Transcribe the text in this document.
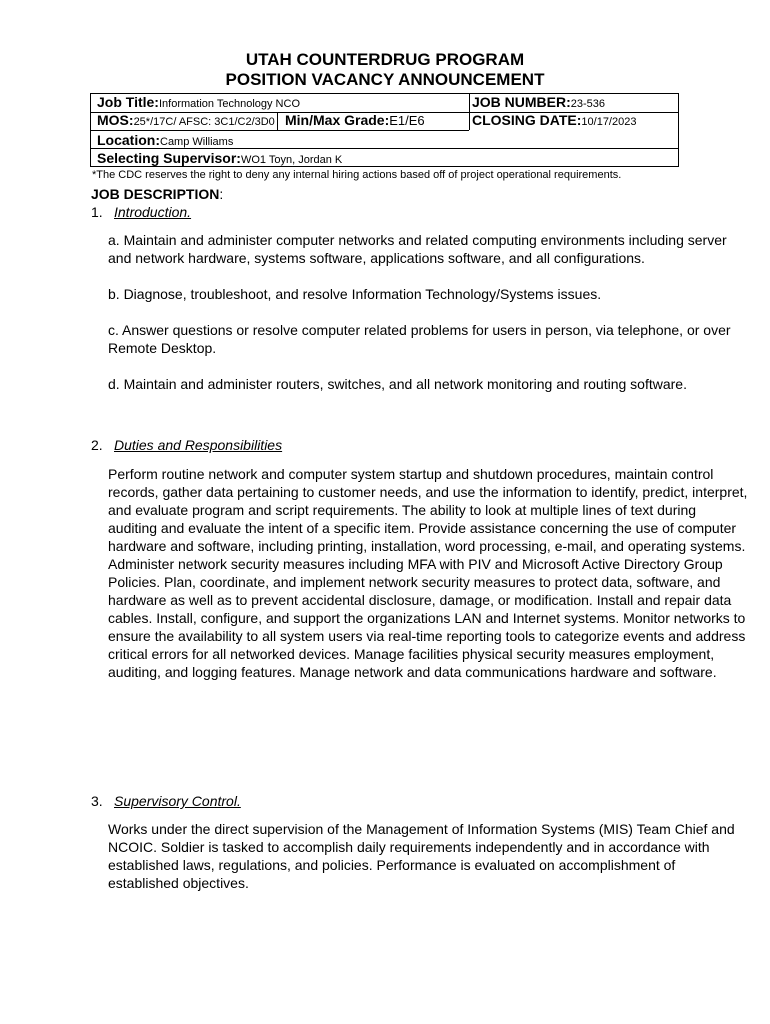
UTAH COUNTERDRUG PROGRAM
POSITION VACANCY ANNOUNCEMENT
Job Title:Information Technology NCO	JOB NUMBER:23-536
MOS:25*/17C/ AFSC: 3C1/C2/3D0 Min/Max Grade:E1/E6	CLOSING DATE:10/17/2023
Location:Camp Williams
Selecting Supervisor:WO1 Toyn, Jordan K
*The CDC reserves the right to deny any internal hiring actions based off of project operational requirements.
JOB DESCRIPTION:
1. Introduction.
a. Maintain and administer computer networks and related computing environments including server and network hardware, systems software, applications software, and all configurations.
b. Diagnose, troubleshoot, and resolve Information Technology/Systems issues.
c. Answer questions or resolve computer related problems for users in person, via telephone, or over Remote Desktop.
d. Maintain and administer routers, switches, and all network monitoring and routing software.
2. Duties and Responsibilities
Perform routine network and computer system startup and shutdown procedures, maintain control records, gather data pertaining to customer needs, and use the information to identify, predict, interpret, and evaluate program and script requirements. The ability to look at multiple lines of text during auditing and evaluate the intent of a specific item. Provide assistance concerning the use of computer hardware and software, including printing, installation, word processing, e-mail, and operating systems. Administer network security measures including MFA with PIV and Microsoft Active Directory Group Policies. Plan, coordinate, and implement network security measures to protect data, software, and hardware as well as to prevent accidental disclosure, damage, or modification. Install and repair data cables. Install, configure, and support the organizations LAN and Internet systems. Monitor networks to ensure the availability to all system users via real-time reporting tools to categorize events and address critical errors for all networked devices. Manage facilities physical security measures employment, auditing, and logging features. Manage network and data communications hardware and software.
3. Supervisory Control.
Works under the direct supervision of the Management of Information Systems (MIS) Team Chief and NCOIC. Soldier is tasked to accomplish daily requirements independently and in accordance with established laws, regulations, and policies. Performance is evaluated on accomplishment of established objectives.
